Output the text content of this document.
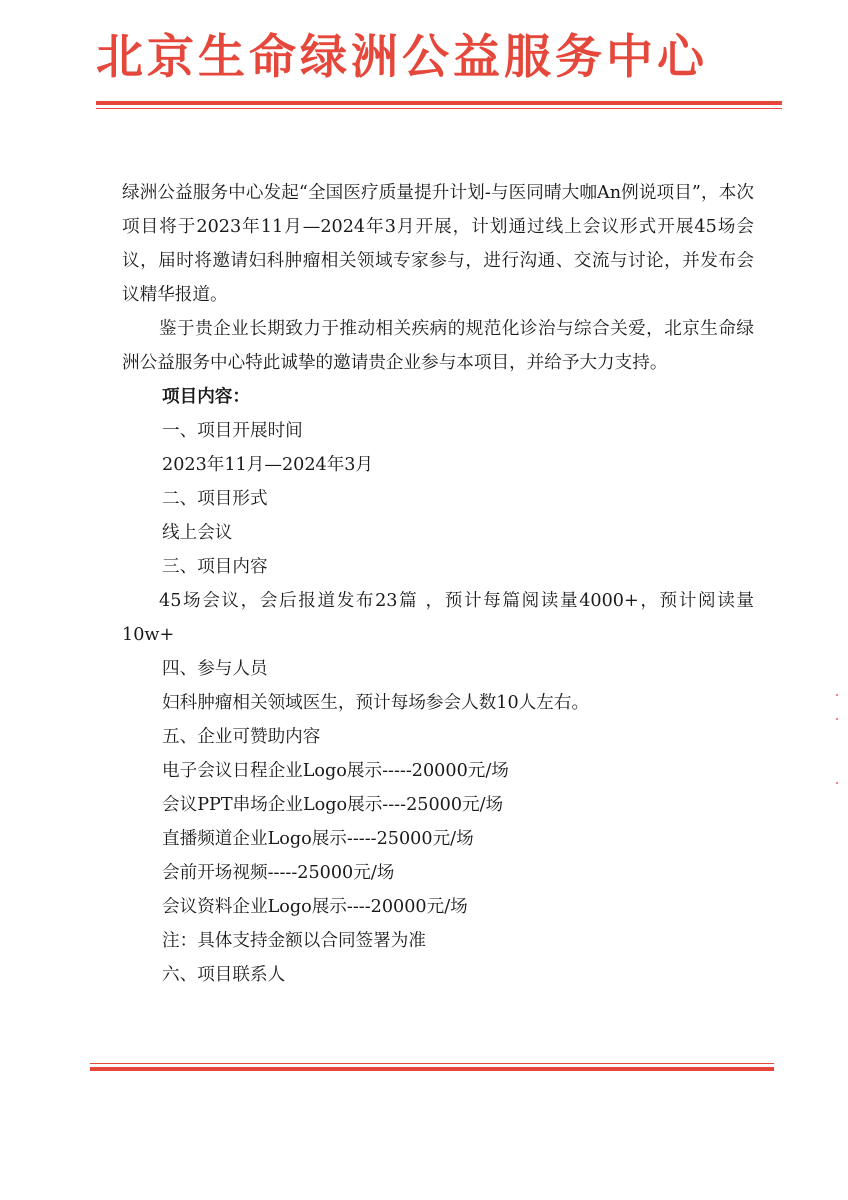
北京生命绿洲公益服务中心

绿洲公益服务中心发起“全国医疗质量提升计划-与医同晴大咖An例说项目”，本次项目将于2023年11月—2024年3月开展，计划通过线上会议形式开展45场会议，届时将邀请妇科肿瘤相关领域专家参与，进行沟通、交流与讨论，并发布会议精华报道。

鉴于贵企业长期致力于推动相关疾病的规范化诊治与综合关爱，北京生命绿洲公益服务中心特此诚挚的邀请贵企业参与本项目，并给予大力支持。

项目内容：

一、项目开展时间

2023年11月—2024年3月

二、项目形式

线上会议

三、项目内容

45场会议，会后报道发布23篇 ，预计每篇阅读量4000+，预计阅读量10w+

四、参与人员

妇科肿瘤相关领域医生，预计每场参会人数10人左右。

五、企业可赞助内容

电子会议日程企业Logo展示-----20000元/场

会议PPT串场企业Logo展示----25000元/场

直播频道企业Logo展示-----25000元/场

会前开场视频-----25000元/场

会议资料企业Logo展示----20000元/场

注：具体支持金额以合同签署为准

六、项目联系人
